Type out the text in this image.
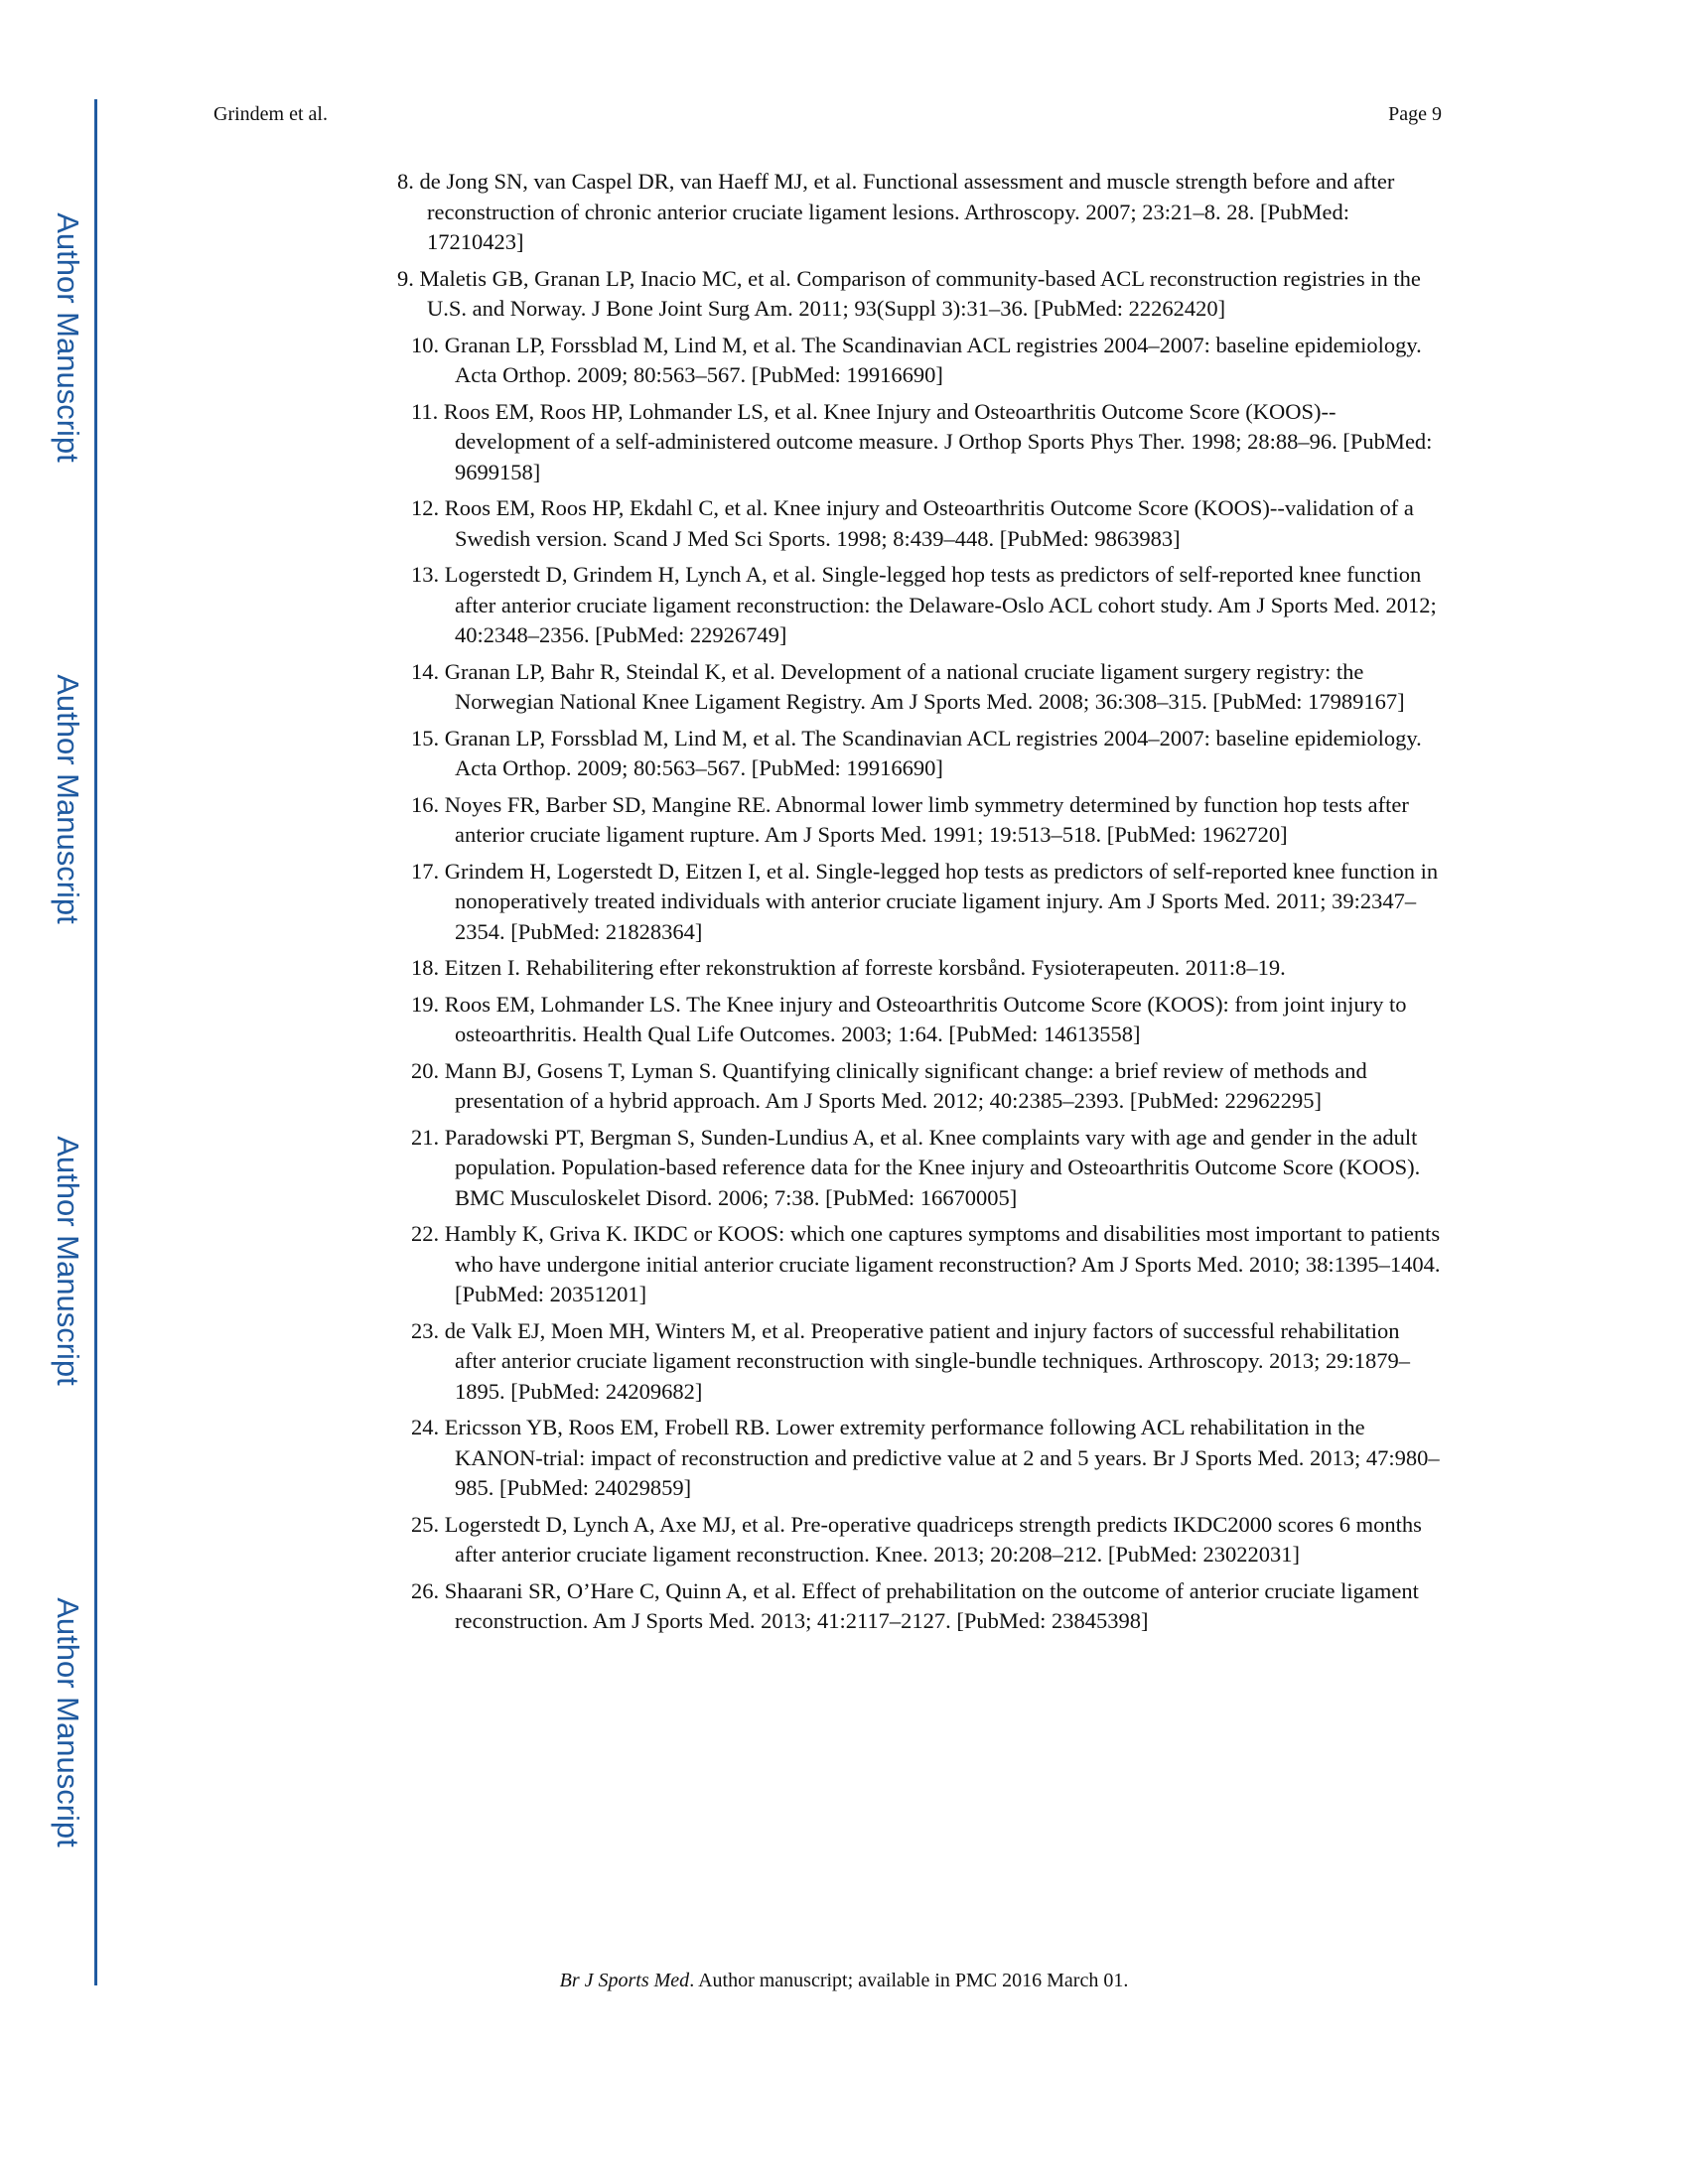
Author Manuscript
Author Manuscript
Author Manuscript
Author Manuscript
Grindem et al.	Page 9
8. de Jong SN, van Caspel DR, van Haeff MJ, et al. Functional assessment and muscle strength before and after reconstruction of chronic anterior cruciate ligament lesions. Arthroscopy. 2007; 23:21–8. 28. [PubMed: 17210423]
9. Maletis GB, Granan LP, Inacio MC, et al. Comparison of community-based ACL reconstruction registries in the U.S. and Norway. J Bone Joint Surg Am. 2011; 93(Suppl 3):31–36. [PubMed: 22262420]
10. Granan LP, Forssblad M, Lind M, et al. The Scandinavian ACL registries 2004–2007: baseline epidemiology. Acta Orthop. 2009; 80:563–567. [PubMed: 19916690]
11. Roos EM, Roos HP, Lohmander LS, et al. Knee Injury and Osteoarthritis Outcome Score (KOOS)--development of a self-administered outcome measure. J Orthop Sports Phys Ther. 1998; 28:88–96. [PubMed: 9699158]
12. Roos EM, Roos HP, Ekdahl C, et al. Knee injury and Osteoarthritis Outcome Score (KOOS)--validation of a Swedish version. Scand J Med Sci Sports. 1998; 8:439–448. [PubMed: 9863983]
13. Logerstedt D, Grindem H, Lynch A, et al. Single-legged hop tests as predictors of self-reported knee function after anterior cruciate ligament reconstruction: the Delaware-Oslo ACL cohort study. Am J Sports Med. 2012; 40:2348–2356. [PubMed: 22926749]
14. Granan LP, Bahr R, Steindal K, et al. Development of a national cruciate ligament surgery registry: the Norwegian National Knee Ligament Registry. Am J Sports Med. 2008; 36:308–315. [PubMed: 17989167]
15. Granan LP, Forssblad M, Lind M, et al. The Scandinavian ACL registries 2004–2007: baseline epidemiology. Acta Orthop. 2009; 80:563–567. [PubMed: 19916690]
16. Noyes FR, Barber SD, Mangine RE. Abnormal lower limb symmetry determined by function hop tests after anterior cruciate ligament rupture. Am J Sports Med. 1991; 19:513–518. [PubMed: 1962720]
17. Grindem H, Logerstedt D, Eitzen I, et al. Single-legged hop tests as predictors of self-reported knee function in nonoperatively treated individuals with anterior cruciate ligament injury. Am J Sports Med. 2011; 39:2347–2354. [PubMed: 21828364]
18. Eitzen I. Rehabilitering efter rekonstruktion af forreste korsbånd. Fysioterapeuten. 2011:8–19.
19. Roos EM, Lohmander LS. The Knee injury and Osteoarthritis Outcome Score (KOOS): from joint injury to osteoarthritis. Health Qual Life Outcomes. 2003; 1:64. [PubMed: 14613558]
20. Mann BJ, Gosens T, Lyman S. Quantifying clinically significant change: a brief review of methods and presentation of a hybrid approach. Am J Sports Med. 2012; 40:2385–2393. [PubMed: 22962295]
21. Paradowski PT, Bergman S, Sunden-Lundius A, et al. Knee complaints vary with age and gender in the adult population. Population-based reference data for the Knee injury and Osteoarthritis Outcome Score (KOOS). BMC Musculoskelet Disord. 2006; 7:38. [PubMed: 16670005]
22. Hambly K, Griva K. IKDC or KOOS: which one captures symptoms and disabilities most important to patients who have undergone initial anterior cruciate ligament reconstruction? Am J Sports Med. 2010; 38:1395–1404. [PubMed: 20351201]
23. de Valk EJ, Moen MH, Winters M, et al. Preoperative patient and injury factors of successful rehabilitation after anterior cruciate ligament reconstruction with single-bundle techniques. Arthroscopy. 2013; 29:1879–1895. [PubMed: 24209682]
24. Ericsson YB, Roos EM, Frobell RB. Lower extremity performance following ACL rehabilitation in the KANON-trial: impact of reconstruction and predictive value at 2 and 5 years. Br J Sports Med. 2013; 47:980–985. [PubMed: 24029859]
25. Logerstedt D, Lynch A, Axe MJ, et al. Pre-operative quadriceps strength predicts IKDC2000 scores 6 months after anterior cruciate ligament reconstruction. Knee. 2013; 20:208–212. [PubMed: 23022031]
26. Shaarani SR, O’Hare C, Quinn A, et al. Effect of prehabilitation on the outcome of anterior cruciate ligament reconstruction. Am J Sports Med. 2013; 41:2117–2127. [PubMed: 23845398]
Br J Sports Med. Author manuscript; available in PMC 2016 March 01.
